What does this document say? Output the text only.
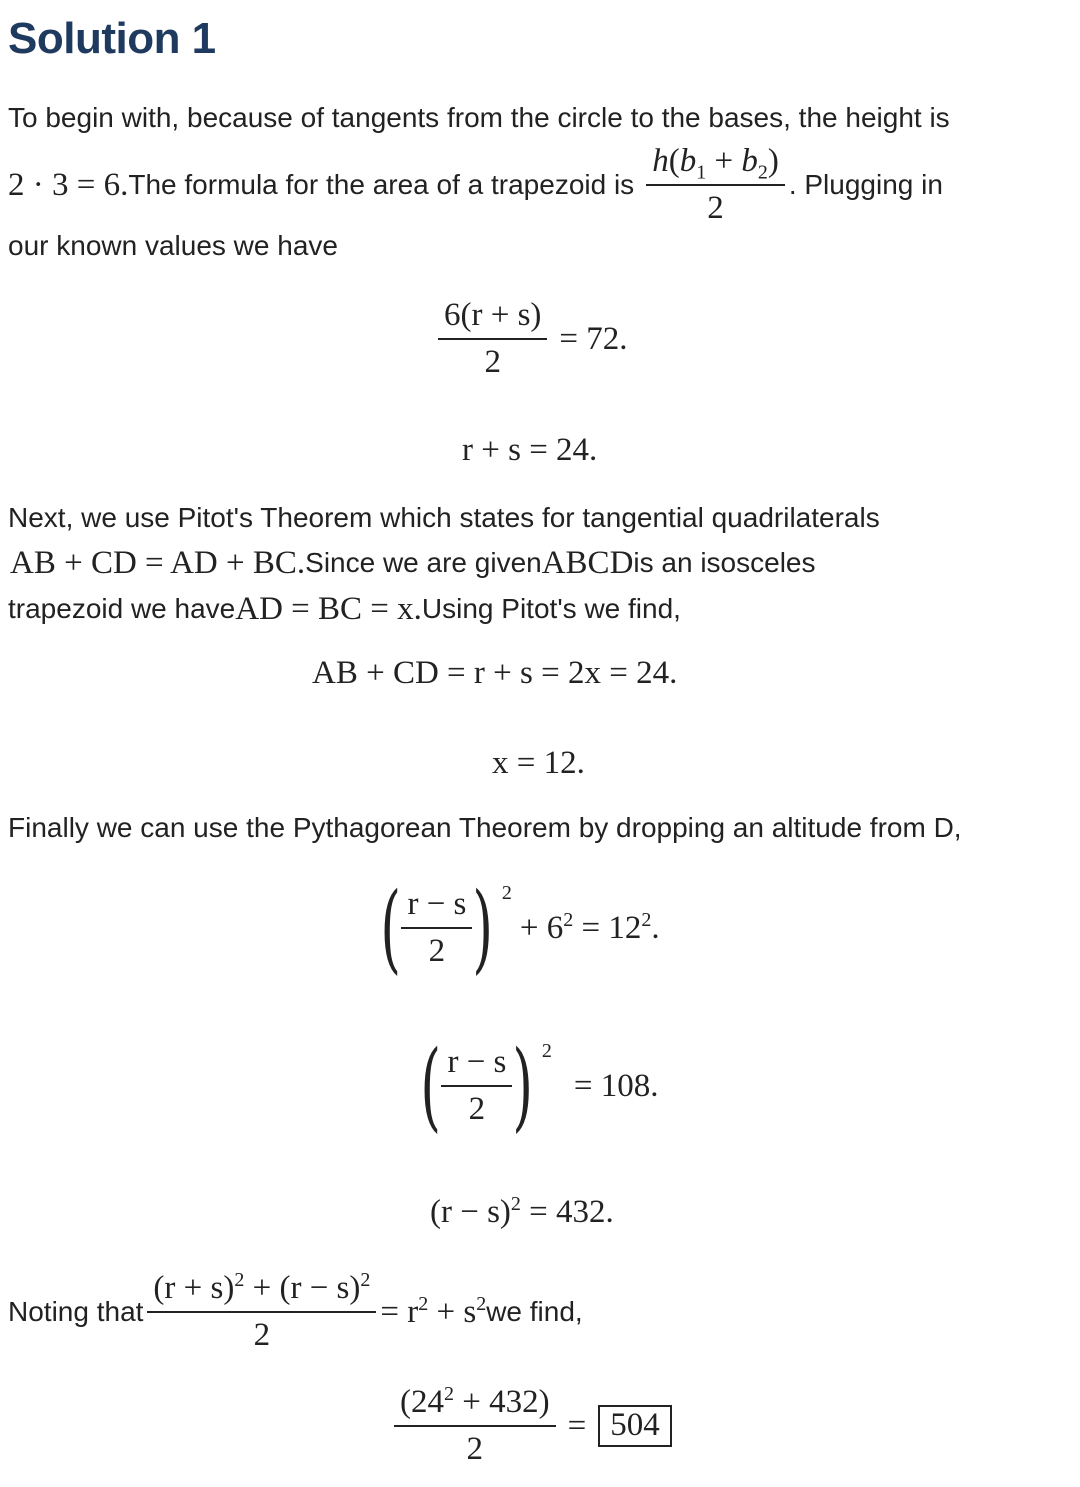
Solution 1
To begin with, because of tangents from the circle to the bases, the height is
2 · 3 = 6. The formula for the area of a trapezoid is $\frac{h(b_1 + b_2)}{2}$ . Plugging in
our known values we have
$\frac{6(r + s)}{2} = 72$.
r + s = 24.
Next, we use Pitot's Theorem which states for tangential quadrilaterals
AB + CD = AD + BC. Since we are given ABCD is an isosceles
trapezoid we have AD = BC = x. Using Pitot's we find,
AB + CD = r + s = 2x = 24.
x = 12.
Finally we can use the Pythagorean Theorem by dropping an altitude from D,
( $\frac{r - s}{2}$ ) 2
+ $6^2 = 12^2$.
( $\frac{r - s}{2}$ ) 2
= 108.
$(r - s)^2 = 432$.
Noting that $\frac{(r + s)^2 + (r - s)^2}{2} = r^2 + s^2$ we find,
$\frac{(24^2 + 432)}{2} = 504$
